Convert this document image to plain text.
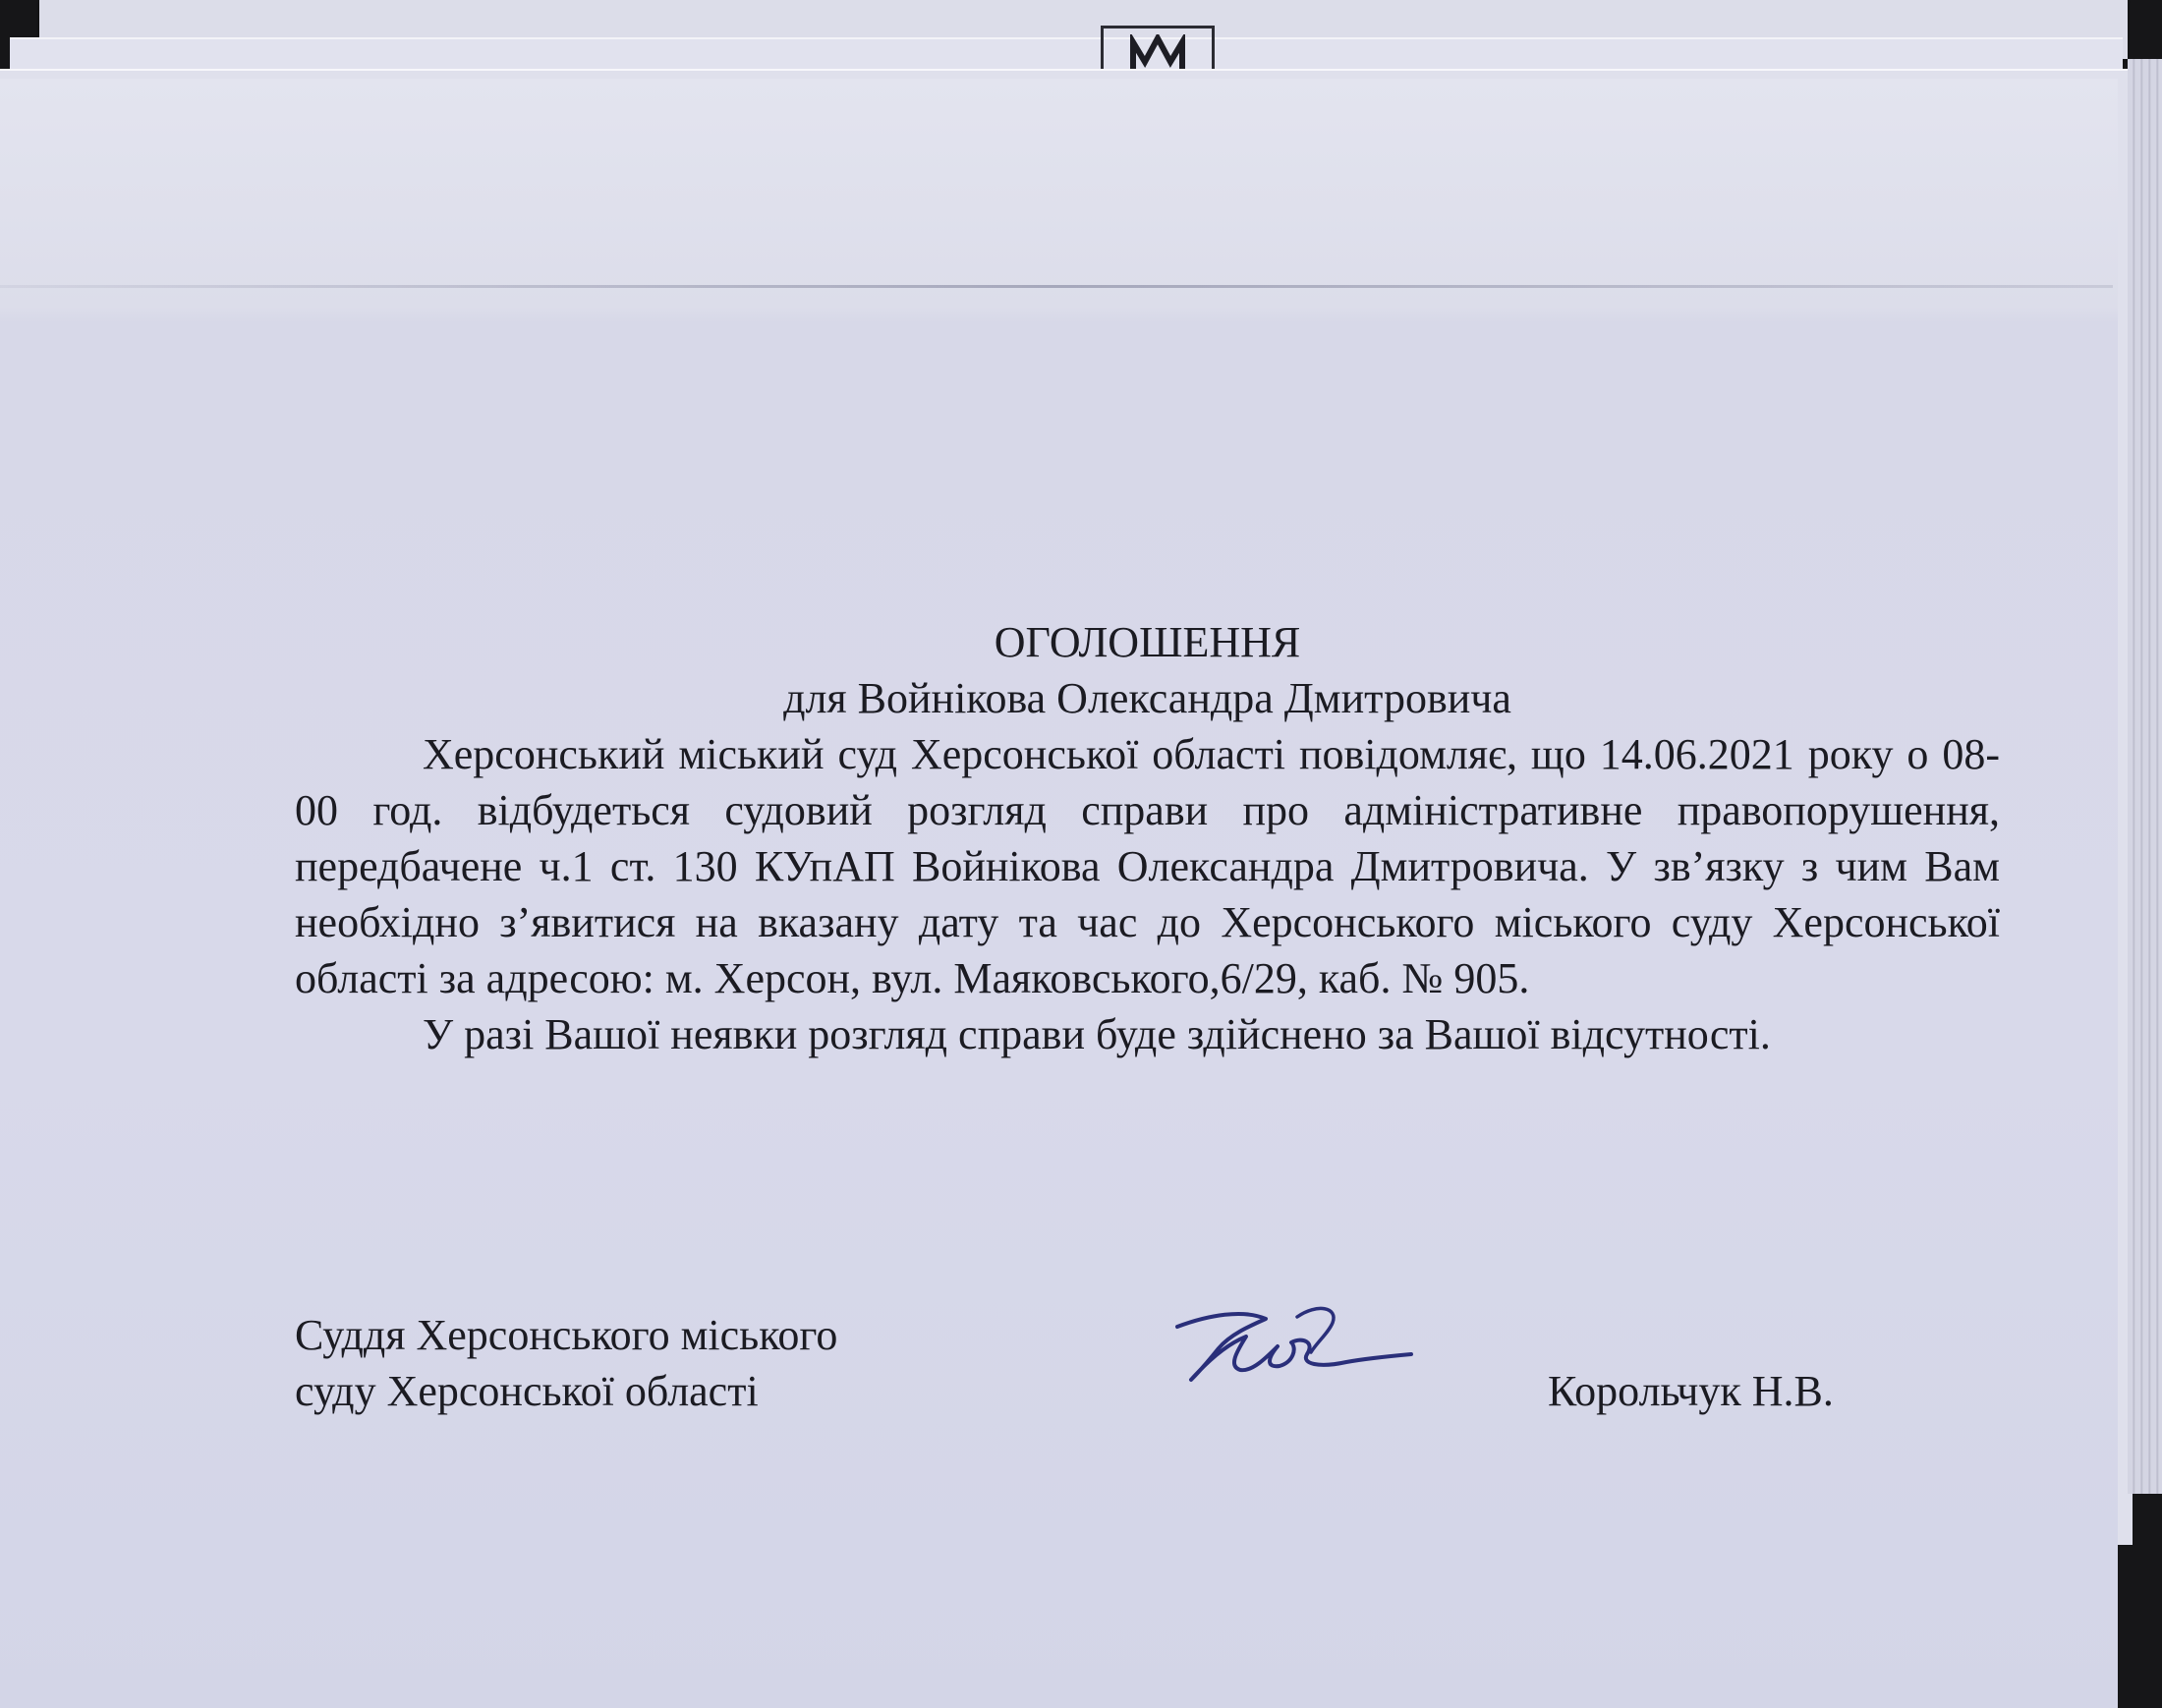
ОГОЛОШЕННЯ

для Войнікова Олександра Дмитровича

Херсонський міський суд Херсонської області повідомляє, що 14.06.2021 року о 08-00 год. відбудеться судовий розгляд справи про адміністративне правопорушення, передбачене ч.1 ст. 130 КУпАП Войнікова Олександра Дмитровича. У зв’язку з чим Вам необхідно з’явитися на вказану дату та час до Херсонського міського суду Херсонської області за адресою: м. Херсон, вул. Маяковського,6/29, каб. № 905.

У разі Вашої неявки розгляд справи буде здійснено за Вашої відсутності.

Суддя Херсонського міського

суду Херсонської області	Корольчук Н.В.
